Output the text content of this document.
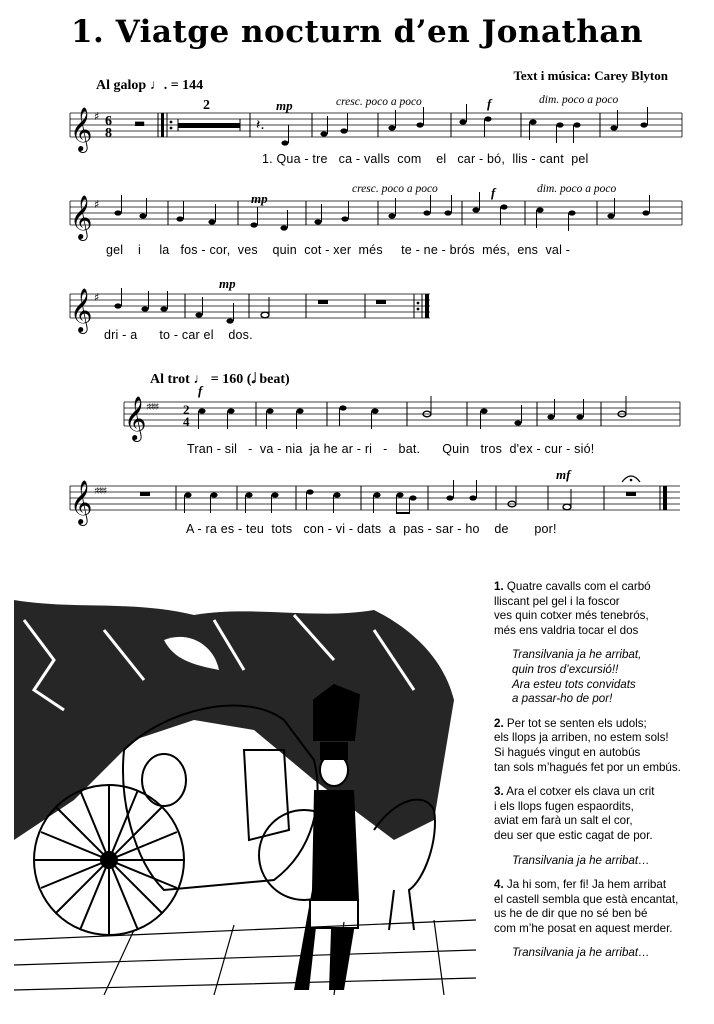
1. Viatge nocturn d’en Jonathan
Text i música: Carey Blyton
Al galop ♩. = 144
𝄞 ♯ 6
8
▬
2
𝄽.
mp	cresc. poco a poco	f	dim. poco a poco
1. Qua - tre   ca - valls  com    el   car - bó,  llis - cant  pel
𝄞 ♯	mp
cresc. poco a poco	f	dim. poco a poco
gel    i     la   fos - cor,  ves    quin  cot - xer  més     te - ne - brós  més,  ens  val -
𝄞 ♯
mp
dri - a      to - car el    dos.
Al trot ♩ = 160 (𝅗𝅥 beat)
𝄞 ♯♯♯♯ 2
4
f
Tran - sil   -  va - nia  ja he ar - ri   -   bat.      Quin   tros  d'ex - cur - sió!
𝄞 ♯♯♯♯
mf
A - ra es - teu  tots   con - vi - dats  a  pas - sar - ho    de       por!
1. Quatre cavalls com el carbó
lliscant pel gel i la foscor
ves quin cotxer més tenebrós,
més ens valdria tocar el dos
Transilvania ja he arribat,
quin tros d’excursió!!
Ara esteu tots convidats
a passar-ho de por!
2. Per tot se senten els udols;
els llops ja arriben, no estem sols!
Si hagués vingut en autobús
tan sols m’hagués fet por un embús.
3. Ara el cotxer els clava un crit
i els llops fugen espaordits,
aviat em farà un salt el cor,
deu ser que estic cagat de por.
Transilvania ja he arribat…
4. Ja hi som, fer fi! Ja hem arribat
el castell sembla que està encantat,
us he de dir que no sé ben bé
com m’he posat en aquest merder.
Transilvania ja he arribat…
